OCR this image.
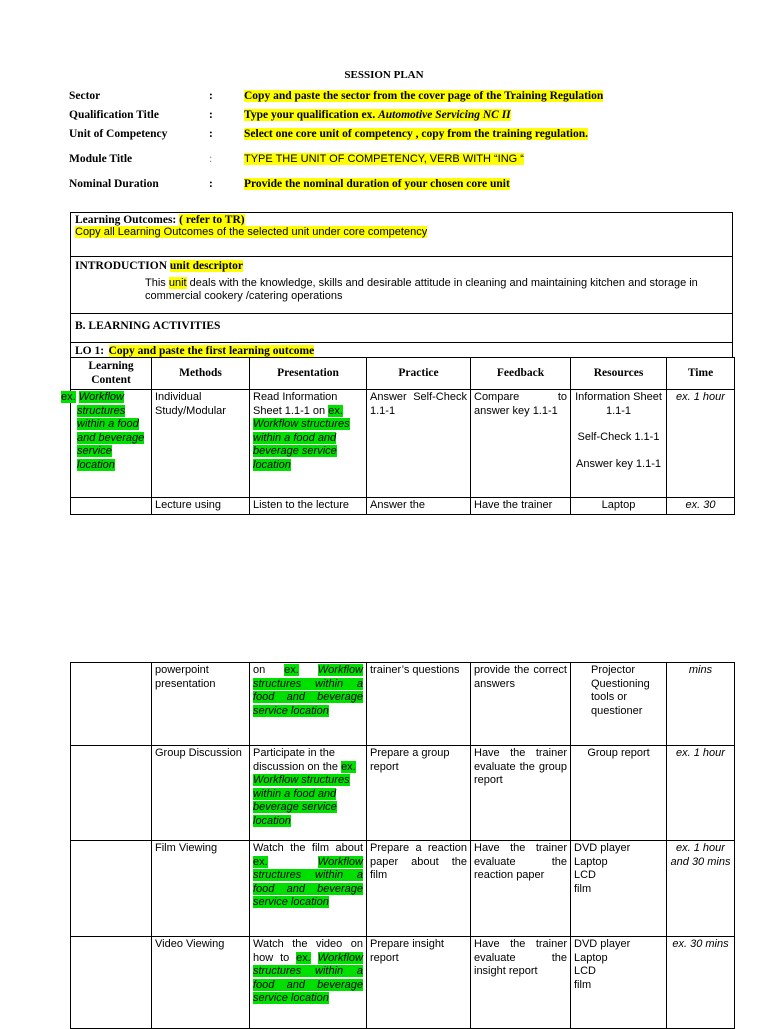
SESSION PLAN
Sector	:	Copy and paste the sector from the cover page of the Training Regulation
Qualification Title	:	Type your qualification ex. Automotive Servicing NC II
Unit of Competency	:	Select one core unit of competency , copy from the training regulation.
Module Title	:	TYPE THE UNIT OF COMPETENCY, VERB WITH “ING “
Nominal Duration	:	Provide the nominal duration of your chosen core unit
Learning Outcomes: ( refer to TR)
Copy all Learning Outcomes of the selected unit under core competency
INTRODUCTION unit descriptor
This unit deals with the knowledge, skills and desirable attitude in cleaning and maintaining kitchen and storage in commercial cookery /catering operations
B. LEARNING ACTIVITIES
LO 1: Copy and paste the first learning outcome
Learning Content	Methods	Presentation	Practice	Feedback	Resources	Time
ex. Workflow structures within a food and beverage service location	Individual Study/Modular	Read Information Sheet 1.1-1 on ex. Workflow structures within a food and beverage service location	Answer Self-Check 1.1-1	Compare to answer key 1.1-1	Information Sheet 1.1-1
Self-Check 1.1-1
Answer key 1.1-1	ex. 1 hour
	Lecture using	Listen to the lecture	Answer the	Have the trainer	Laptop	ex. 30
	powerpoint presentation	on ex. Workflow structures within a food and beverage service location	trainer’s questions	provide the correct answers	Projector Questioning tools or questioner	mins
	Group Discussion	Participate in the discussion on the ex. Workflow structures within a food and beverage service location	Prepare a group report	Have the trainer evaluate the group report	Group report	ex. 1 hour
	Film Viewing	Watch the film about ex. Workflow structures within a food and beverage service location	Prepare a reaction paper about the film	Have the trainer evaluate the reaction paper	DVD player
Laptop
LCD
film	ex. 1 hour and 30 mins
	Video Viewing	Watch the video on how to ex. Workflow structures within a food and beverage service location	Prepare insight report	Have the trainer evaluate the insight report	DVD player
Laptop
LCD
film	ex. 30 mins
